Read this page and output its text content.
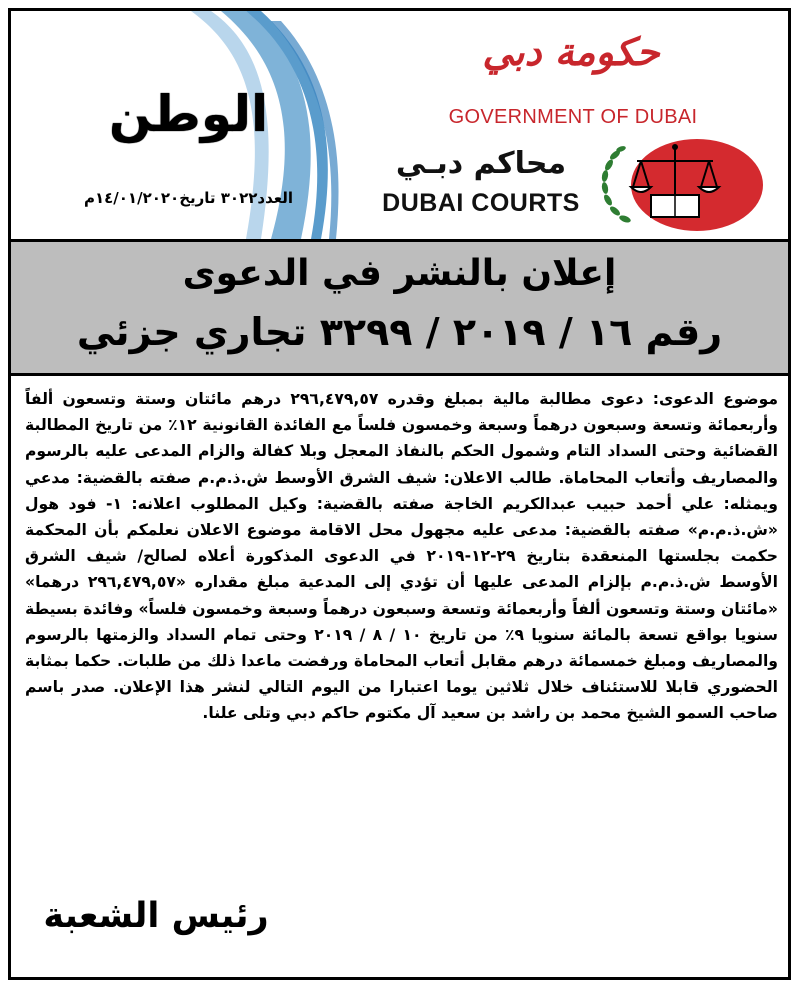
الوطن
العدد٣٠٢٢ تاريخ١٤/٠١/٢٠٢٠م
حكومة دبي
GOVERNMENT OF DUBAI
محاكم دبـي
DUBAI COURTS
إعلان بالنشر في الدعوى
رقم ١٦ / ٢٠١٩ / ٣٢٩٩ تجاري جزئي

موضوع الدعوى: دعوى مطالبة مالية بمبلغ وقدره ٢٩٦,٤٧٩,٥٧ درهم مائتان وستة وتسعون ألفاً وأربعمائة وتسعة وسبعون درهماً وسبعة وخمسون فلساً مع الفائدة القانونية ١٢٪ من تاريخ المطالبة القضائية وحتى السداد التام وشمول الحكم بالنفاذ المعجل وبلا كفالة والزام المدعى عليه بالرسوم والمصاريف وأتعاب المحاماة. طالب الاعلان: شيف الشرق الأوسط ش.ذ.م.م صفته بالقضية: مدعي ويمثله: علي أحمد حبيب عبدالكريم الخاجة صفته بالقضية: وكيل المطلوب اعلانه: ١- فود هول «ش.ذ.م.م» صفته بالقضية: مدعى عليه مجهول محل الاقامة موضوع الاعلان نعلمكم بأن المحكمة حكمت بجلستها المنعقدة بتاريخ ٢٩-١٢-٢٠١٩ في الدعوى المذكورة أعلاه لصالح/ شيف الشرق الأوسط ش.ذ.م.م بإلزام المدعى عليها أن تؤدي إلى المدعية مبلغ مقداره «٢٩٦,٤٧٩,٥٧ درهما» «مائتان وستة وتسعون ألفاً وأربعمائة وتسعة وسبعون درهماً وسبعة وخمسون فلساً» وفائدة بسيطة سنويا بواقع تسعة بالمائة سنويا ٩٪ من تاريخ ١٠ / ٨ / ٢٠١٩ وحتى تمام السداد والزمتها بالرسوم والمصاريف ومبلغ خمسمائة درهم مقابل أتعاب المحاماة ورفضت ماعدا ذلك من طلبات. حكما بمثابة الحضوري قابلا للاستئناف خلال ثلاثين يوما اعتبارا من اليوم التالي لنشر هذا الإعلان. صدر باسم صاحب السمو الشيخ محمد بن راشد بن سعيد آل مكتوم حاكم دبي وتلى علنا.

رئيس الشعبة
